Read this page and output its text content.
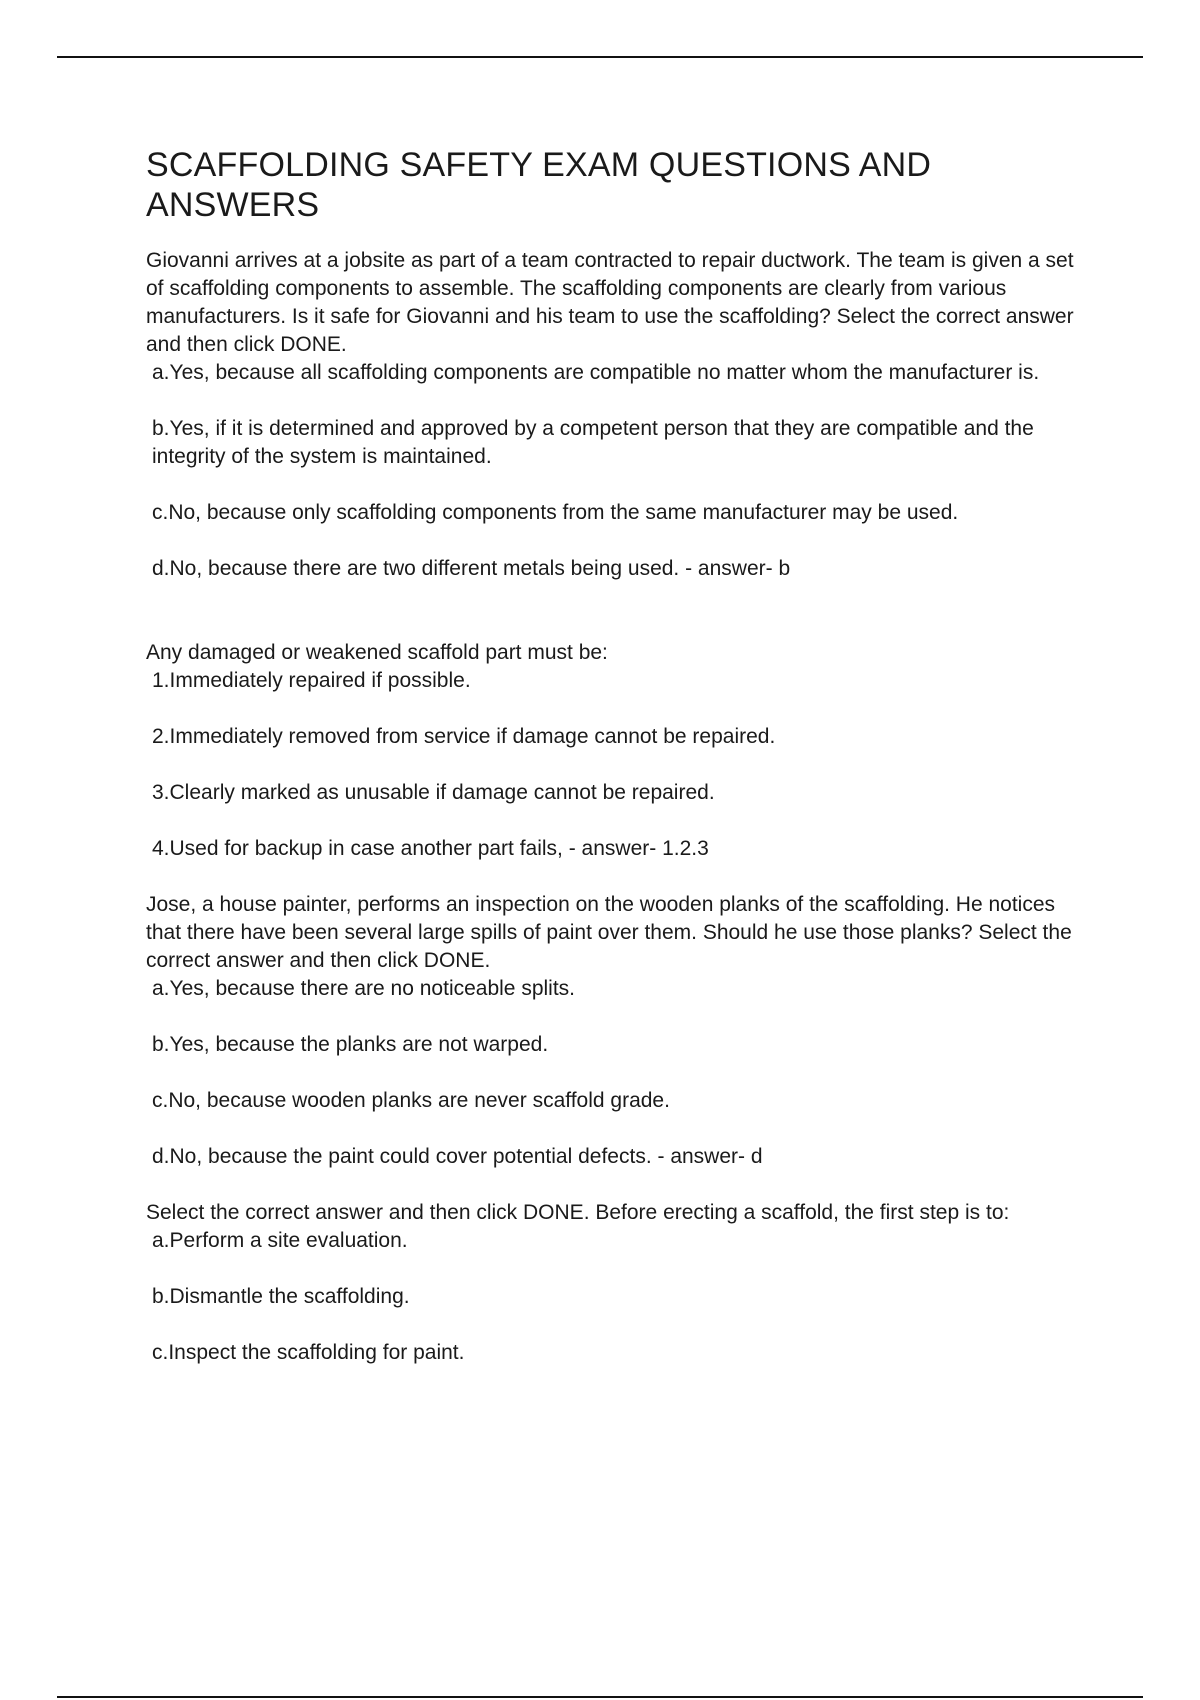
SCAFFOLDING SAFETY EXAM QUESTIONS AND ANSWERS

Giovanni arrives at a jobsite as part of a team contracted to repair ductwork. The team is given a set of scaffolding components to assemble. The scaffolding components are clearly from various manufacturers. Is it safe for Giovanni and his team to use the scaffolding? Select the correct answer and then click DONE.

a.Yes, because all scaffolding components are compatible no matter whom the manufacturer is.

b.Yes, if it is determined and approved by a competent person that they are compatible and the integrity of the system is maintained.

c.No, because only scaffolding components from the same manufacturer may be used.

d.No, because there are two different metals being used. - answer- b

Any damaged or weakened scaffold part must be:

1.Immediately repaired if possible.

2.Immediately removed from service if damage cannot be repaired.

3.Clearly marked as unusable if damage cannot be repaired.

4.Used for backup in case another part fails, - answer- 1.2.3

Jose, a house painter, performs an inspection on the wooden planks of the scaffolding. He notices that there have been several large spills of paint over them. Should he use those planks? Select the correct answer and then click DONE.

a.Yes, because there are no noticeable splits.

b.Yes, because the planks are not warped.

c.No, because wooden planks are never scaffold grade.

d.No, because the paint could cover potential defects. - answer- d

Select the correct answer and then click DONE. Before erecting a scaffold, the first step is to:

a.Perform a site evaluation.

b.Dismantle the scaffolding.

c.Inspect the scaffolding for paint.
